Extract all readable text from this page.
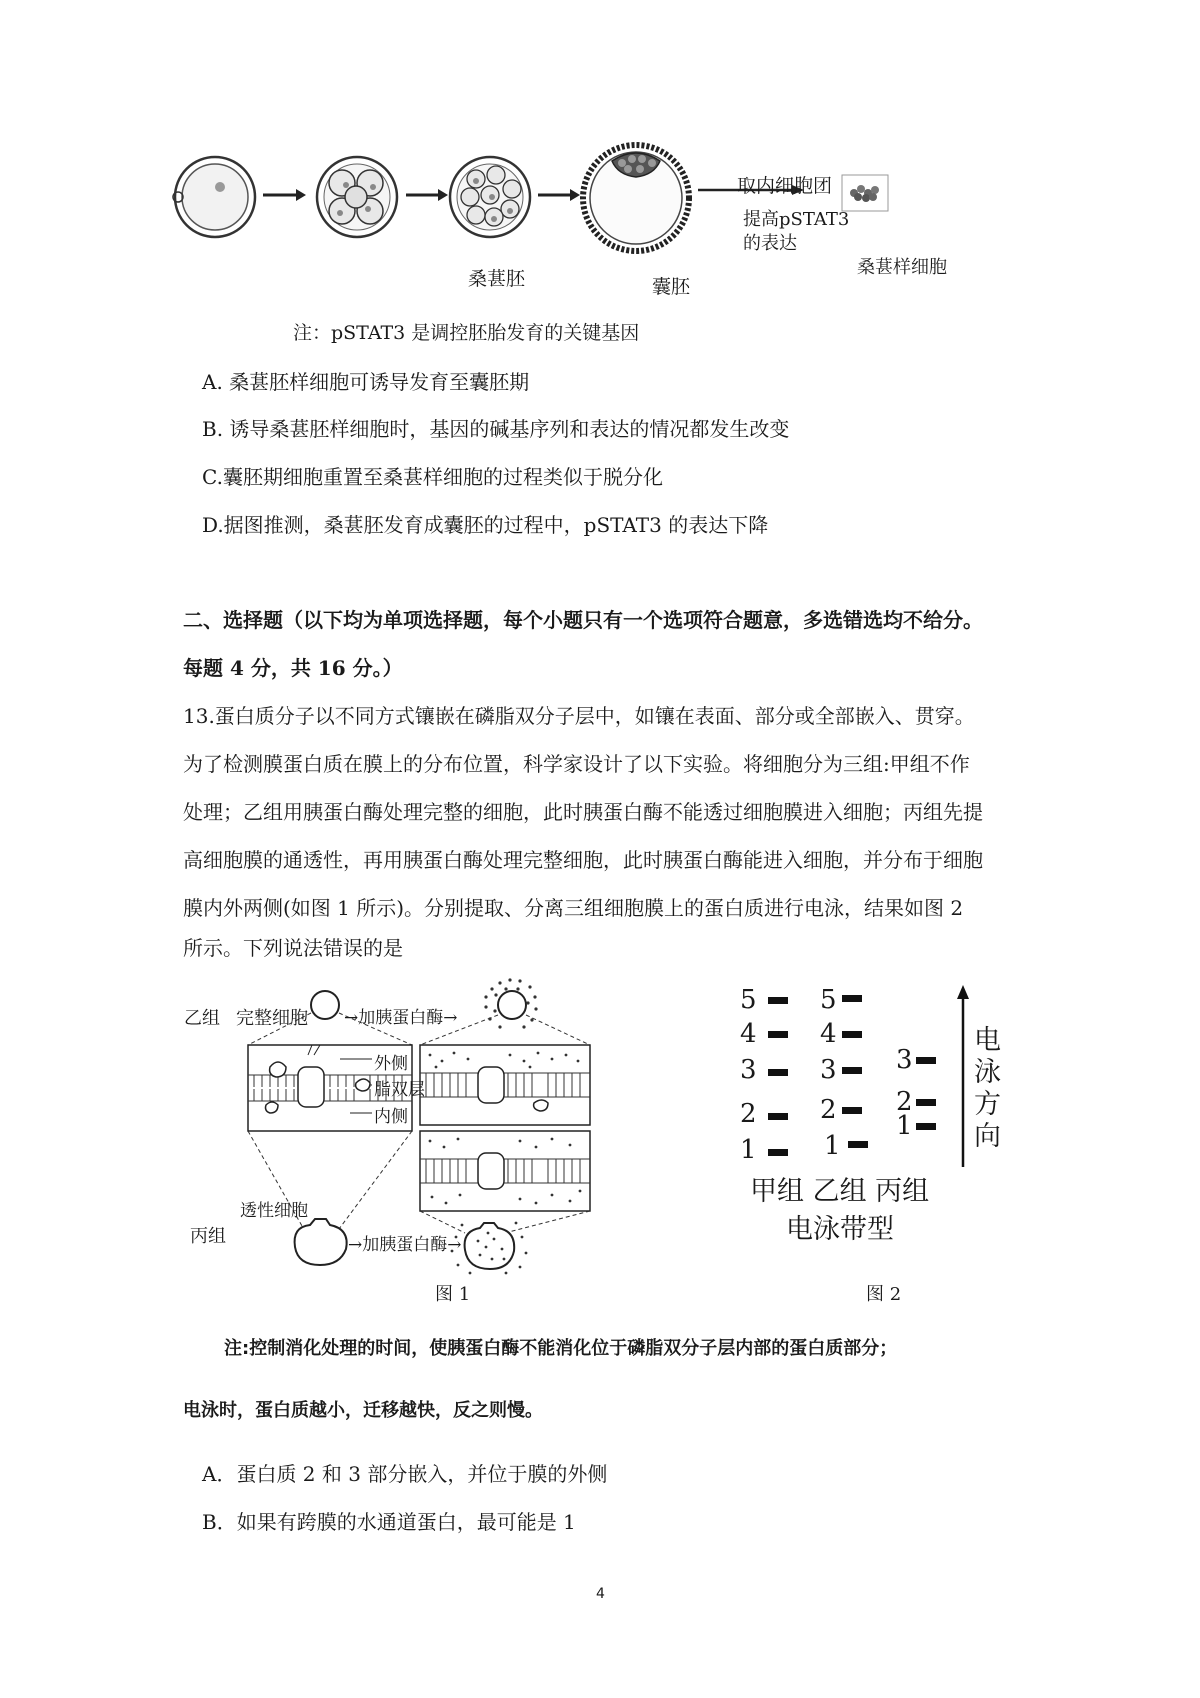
取内细胞团
提高pSTAT3
的表达
桑葚胚	囊胚
桑葚样细胞
注：pSTAT3 是调控胚胎发育的关键基因
A. 桑葚胚样细胞可诱导发育至囊胚期
B. 诱导桑葚胚样细胞时，基因的碱基序列和表达的情况都发生改变
C.囊胚期细胞重置至桑葚样细胞的过程类似于脱分化
D.据图推测，桑葚胚发育成囊胚的过程中，pSTAT3 的表达下降
二、选择题（以下均为单项选择题，每个小题只有一个选项符合题意，多选错选均不给分。
每题 4 分，共 16 分。）
13.蛋白质分子以不同方式镶嵌在磷脂双分子层中，如镶在表面、部分或全部嵌入、贯穿。
为了检测膜蛋白质在膜上的分布位置，科学家设计了以下实验。将细胞分为三组:甲组不作
处理；乙组用胰蛋白酶处理完整的细胞，此时胰蛋白酶不能透过细胞膜进入细胞；丙组先提
高细胞膜的通透性，再用胰蛋白酶处理完整细胞，此时胰蛋白酶能进入细胞，并分布于细胞
膜内外两侧(如图 1 所示)。分别提取、分离三组细胞膜上的蛋白质进行电泳，结果如图 2
所示。下列说法错误的是
乙组 完整细胞 →加胰蛋白酶→
外侧
脂双层
内侧
透性细胞
丙组	→加胰蛋白酶→
图 1
5
4
3
2
1
5
4
3
2
1
3
2
1
电
泳
方
向
甲组 乙组 丙组
电泳带型
图 2
注:控制消化处理的时间，使胰蛋白酶不能消化位于磷脂双分子层内部的蛋白质部分；
电泳时，蛋白质越小，迁移越快，反之则慢。
A．蛋白质 2 和 3 部分嵌入，并位于膜的外侧
B．如果有跨膜的水通道蛋白，最可能是 1
4
